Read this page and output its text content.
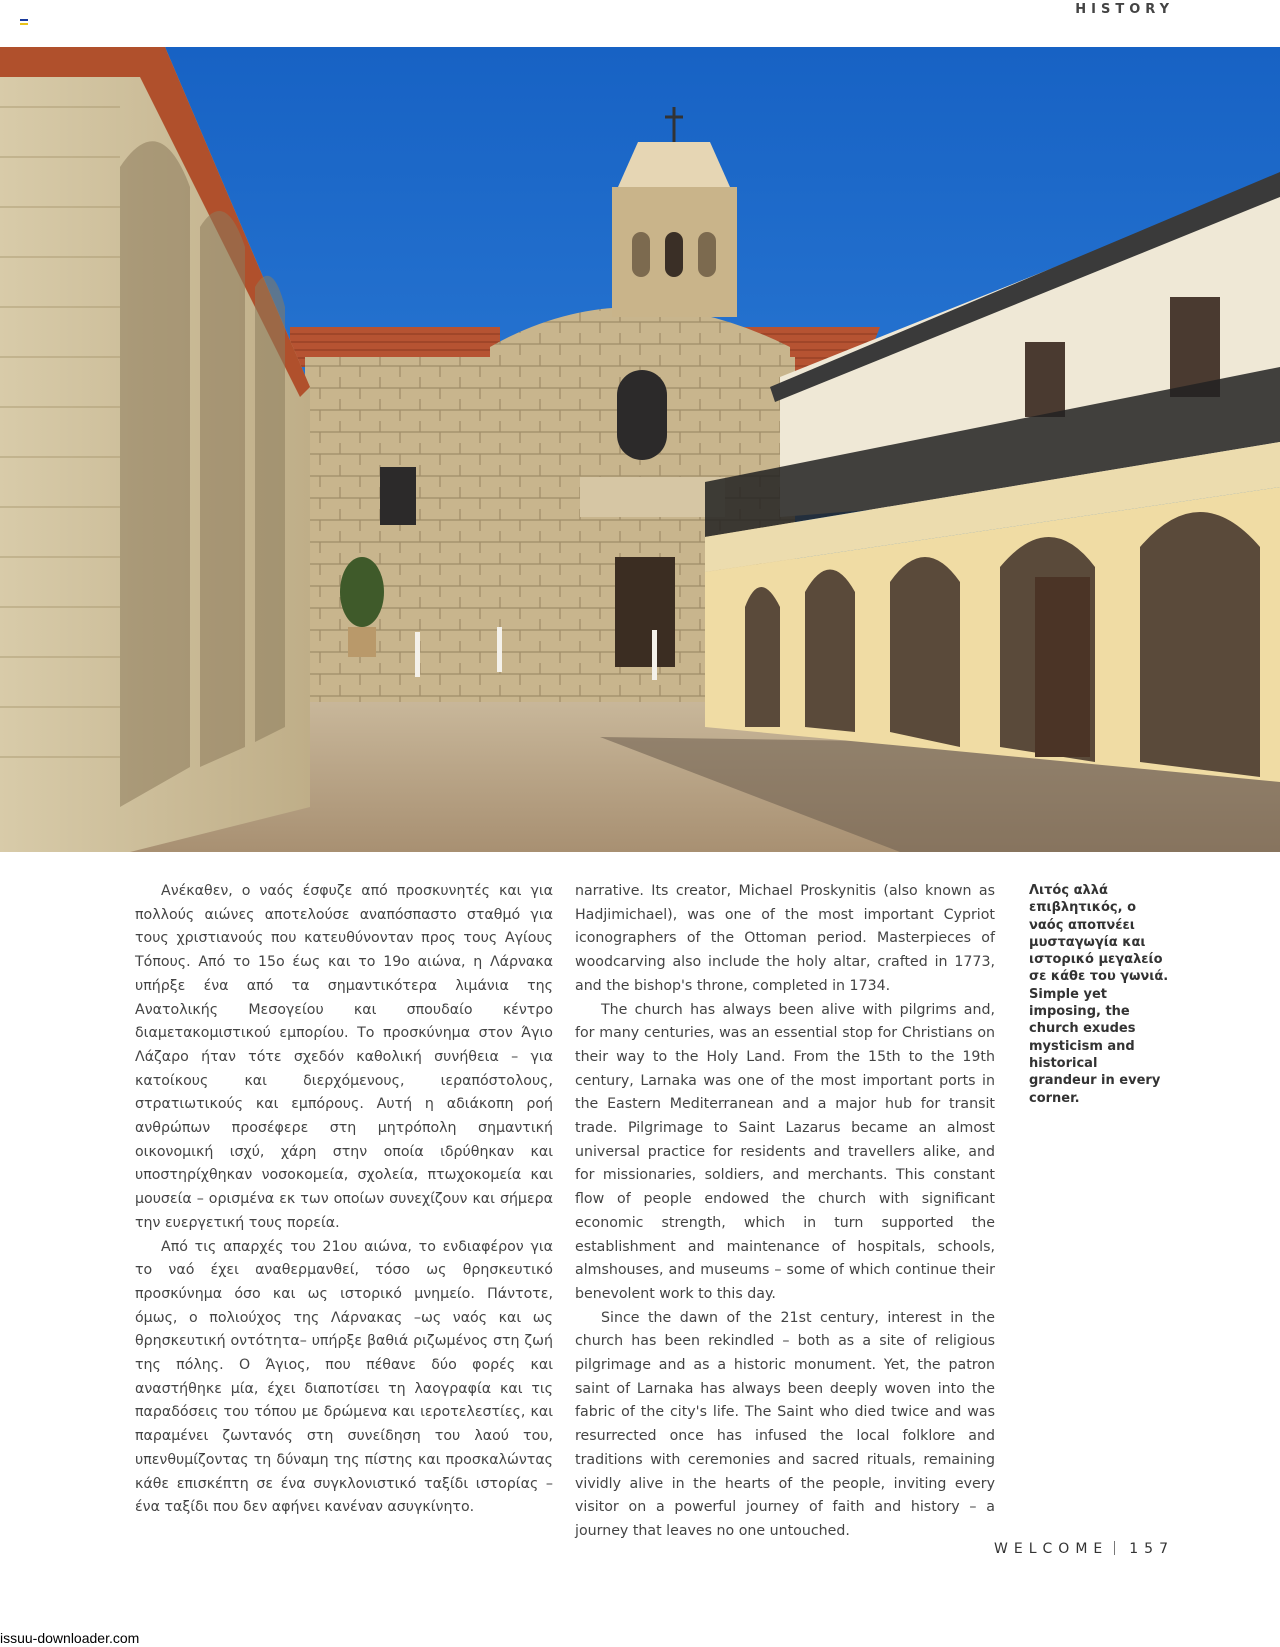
HISTORY

Ανέκαθεν, ο ναός έσφυζε από προσκυνητές και για πολλούς αιώνες αποτελούσε αναπόσπαστο σταθμό για τους χριστιανούς που κατευθύνονταν προς τους Αγίους Τόπους. Από το 15ο έως και το 19ο αιώνα, η Λάρνακα υπήρξε ένα από τα σημαντικότερα λιμάνια της Ανατολικής Μεσογείου και σπουδαίο κέντρο διαμετακομιστικού εμπορίου. Το προσκύνημα στον Άγιο Λάζαρο ήταν τότε σχεδόν καθολική συνήθεια – για κατοίκους και διερχόμενους, ιεραπόστολους, στρατιωτικούς και εμπόρους. Αυτή η αδιάκοπη ροή ανθρώπων προσέφερε στη μητρόπολη σημαντική οικονομική ισχύ, χάρη στην οποία ιδρύθηκαν και υποστηρίχθηκαν νοσοκομεία, σχολεία, πτωχοκομεία και μουσεία – ορισμένα εκ των οποίων συνεχίζουν και σήμερα την ευεργετική τους πορεία.

Από τις απαρχές του 21ου αιώνα, το ενδιαφέρον για το ναό έχει αναθερμανθεί, τόσο ως θρησκευτικό προσκύνημα όσο και ως ιστορικό μνημείο. Πάντοτε, όμως, ο πολιούχος της Λάρνακας –ως ναός και ως θρησκευτική οντότητα– υπήρξε βαθιά ριζωμένος στη ζωή της πόλης. Ο Άγιος, που πέθανε δύο φορές και αναστήθηκε μία, έχει διαποτίσει τη λαογραφία και τις παραδόσεις του τόπου με δρώμενα και ιεροτελεστίες, και παραμένει ζωντανός στη συνείδηση του λαού του, υπενθυμίζοντας τη δύναμη της πίστης και προσκαλώντας κάθε επισκέπτη σε ένα συγκλονιστικό ταξίδι ιστορίας – ένα ταξίδι που δεν αφήνει κανέναν ασυγκίνητο.

narrative. Its creator, Michael Proskynitis (also known as Hadjimichael), was one of the most important Cypriot iconographers of the Ottoman period. Masterpieces of woodcarving also include the holy altar, crafted in 1773, and the bishop's throne, completed in 1734.

The church has always been alive with pilgrims and, for many centuries, was an essential stop for Christians on their way to the Holy Land. From the 15th to the 19th century, Larnaka was one of the most important ports in the Eastern Mediterranean and a major hub for transit trade. Pilgrimage to Saint Lazarus became an almost universal practice for residents and travellers alike, and for missionaries, soldiers, and merchants. This constant flow of people endowed the church with significant economic strength, which in turn supported the establishment and maintenance of hospitals, schools, almshouses, and museums – some of which continue their benevolent work to this day.

Since the dawn of the 21st century, interest in the church has been rekindled – both as a site of religious pilgrimage and as a historic monument. Yet, the patron saint of Larnaka has always been deeply woven into the fabric of the city's life. The Saint who died twice and was resurrected once has infused the local folklore and traditions with ceremonies and sacred rituals, remaining vividly alive in the hearts of the people, inviting every visitor on a powerful journey of faith and history – a journey that leaves no one untouched.

Λιτός αλλά επιβλητικός, ο ναός αποπνέει μυσταγωγία και ιστορικό μεγαλείο σε κάθε του γωνιά.
Simple yet imposing, the church exudes mysticism and historical grandeur in every corner.
WELCOME 157
issuu-downloader.com
